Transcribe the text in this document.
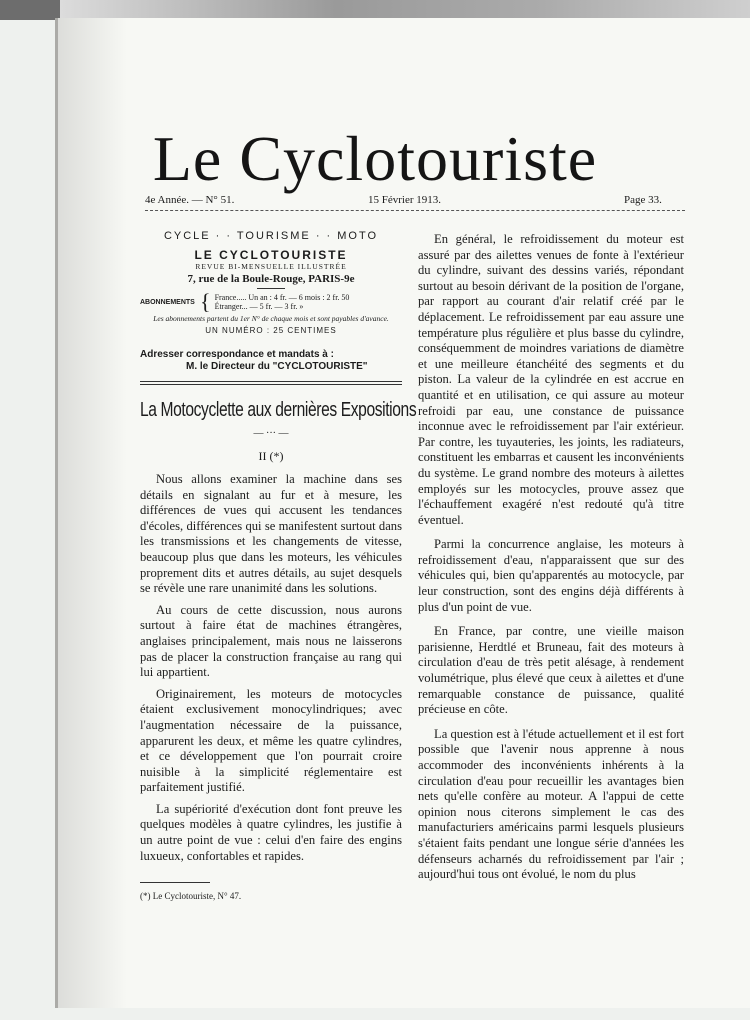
Le Cyclotouriste
4e Année. — N° 51.	15 Février 1913.	Page 33.
CYCLE · · TOURISME · · MOTO
LE CYCLOTOURISTE
REVUE BI-MENSUELLE ILLUSTRÉE
7, rue de la Boule-Rouge, PARIS-9e
ABONNEMENTS { France..... Un an : 4 fr. — 6 mois : 2 fr. 50
Étranger... — 5 fr. — 3 fr. »
Les abonnements partent du 1er N° de chaque mois et sont payables d'avance.
UN NUMÉRO : 25 CENTIMES
Adresser correspondance et mandats à :
M. le Directeur du "CYCLOTOURISTE"
La Motocyclette aux dernières Expositions
— ··· —
II (*)

Nous allons examiner la machine dans ses détails en signalant au fur et à mesure, les différences de vues qui accusent les tendances d'écoles, différences qui se manifestent surtout dans les transmissions et les changements de vitesse, beaucoup plus que dans les moteurs, les véhicules proprement dits et autres détails, au sujet desquels se révèle une rare unanimité dans les solutions.

Au cours de cette discussion, nous aurons surtout à faire état de machines étrangères, anglaises principalement, mais nous ne laisserons pas de placer la construction française au rang qui lui appartient.

Originairement, les moteurs de motocycles étaient exclusivement monocylindriques; avec l'augmentation nécessaire de la puissance, apparurent les deux, et même les quatre cylindres, et ce développement que l'on pourrait croire nuisible à la simplicité réglementaire est parfaitement justifié.

La supériorité d'exécution dont font preuve les quelques modèles à quatre cylindres, les justifie à un autre point de vue : celui d'en faire des engins luxueux, confortables et rapides.

(*) Le Cyclotouriste, N° 47.

En général, le refroidissement du moteur est assuré par des ailettes venues de fonte à l'extérieur du cylindre, suivant des dessins variés, répondant surtout au besoin dérivant de la position de l'organe, par rapport au courant d'air relatif créé par le déplacement. Le refroidissement par eau assure une température plus régulière et plus basse du cylindre, conséquemment de moindres variations de diamètre et une meilleure étanchéité des segments et du piston. La valeur de la cylindrée en est accrue en quantité et en utilisation, ce qui assure au moteur refroidi par eau, une constance de puissance inconnue avec le refroidissement par l'air extérieur. Par contre, les tuyauteries, les joints, les radiateurs, constituent les embarras et causent les inconvénients du système. Le grand nombre des moteurs à ailettes employés sur les motocycles, prouve assez que l'échauffement exagéré n'est redouté qu'à titre éventuel.

Parmi la concurrence anglaise, les moteurs à refroidissement d'eau, n'apparaissent que sur des véhicules qui, bien qu'apparentés au motocycle, par leur construction, sont des engins déjà différents à plus d'un point de vue.

En France, par contre, une vieille maison parisienne, Herdtlé et Bruneau, fait des moteurs à circulation d'eau de très petit alésage, à rendement volumétrique, plus élevé que ceux à ailettes et d'une remarquable constance de puissance, qualité précieuse en côte.

La question est à l'étude actuellement et il est fort possible que l'avenir nous apprenne à nous accommoder des inconvénients inhérents à la circulation d'eau pour recueillir les avantages bien nets qu'elle confère au moteur. A l'appui de cette opinion nous citerons simplement le cas des manufacturiers américains parmi lesquels plusieurs s'étaient faits pendant une longue série d'années les défenseurs acharnés du refroidissement par l'air ; aujourd'hui tous ont évolué, le nom du plus
